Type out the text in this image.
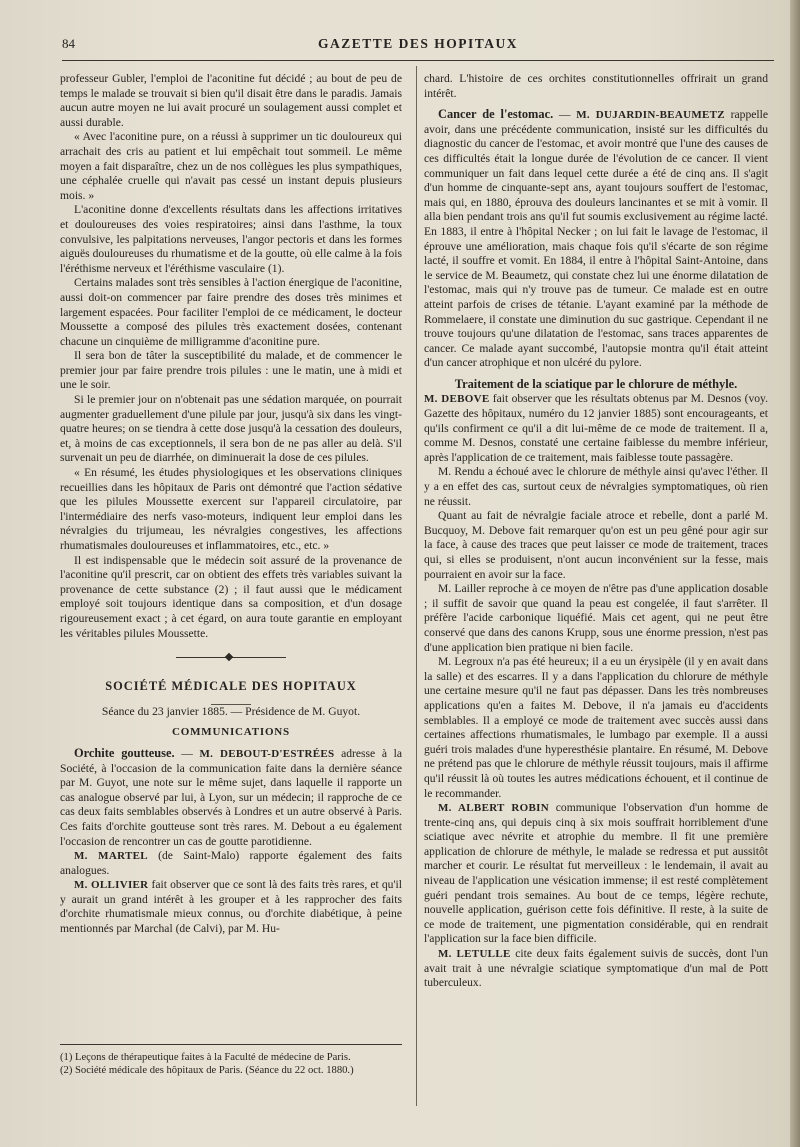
84	GAZETTE DES HOPITAUX

professeur Gubler, l'emploi de l'aconitine fut décidé ; au bout de peu de temps le malade se trouvait si bien qu'il disait être dans le paradis. Jamais aucun autre moyen ne lui avait procuré un soulagement aussi complet et aussi durable.

« Avec l'aconitine pure, on a réussi à supprimer un tic douloureux qui arrachait des cris au patient et lui empêchait tout sommeil. Le même moyen a fait disparaître, chez un de nos collègues les plus sympathiques, une céphalée cruelle qui n'avait pas cessé un instant depuis plusieurs mois. »

L'aconitine donne d'excellents résultats dans les affections irritatives et douloureuses des voies respiratoires; ainsi dans l'asthme, la toux convulsive, les palpitations nerveuses, l'angor pectoris et dans les formes aiguës douloureuses du rhumatisme et de la goutte, où elle calme à la fois l'éréthisme nerveux et l'éréthisme vasculaire (1).

Certains malades sont très sensibles à l'action énergique de l'aconitine, aussi doit-on commencer par faire prendre des doses très minimes et largement espacées. Pour faciliter l'emploi de ce médicament, le docteur Moussette a composé des pilules très exactement dosées, contenant chacune un cinquième de milligramme d'aconitine pure.

Il sera bon de tâter la susceptibilité du malade, et de commencer le premier jour par faire prendre trois pilules : une le matin, une à midi et une le soir.

Si le premier jour on n'obtenait pas une sédation marquée, on pourrait augmenter graduellement d'une pilule par jour, jusqu'à six dans les vingt-quatre heures; on se tiendra à cette dose jusqu'à la cessation des douleurs, et, à moins de cas exceptionnels, il sera bon de ne pas aller au delà. S'il survenait un peu de diarrhée, on diminuerait la dose de ces pilules.

« En résumé, les études physiologiques et les observations cliniques recueillies dans les hôpitaux de Paris ont démontré que l'action sédative que les pilules Moussette exercent sur l'appareil circulatoire, par l'intermédiaire des nerfs vaso-moteurs, indiquent leur emploi dans les névralgies du trijumeau, les névralgies congestives, les affections rhumatismales douloureuses et inflammatoires, etc., etc. »

Il est indispensable que le médecin soit assuré de la provenance de l'aconitine qu'il prescrit, car on obtient des effets très variables suivant la provenance de cette substance (2) ; il faut aussi que le médicament employé soit toujours identique dans sa composition, et d'un dosage rigoureusement exact ; à cet égard, on aura toute garantie en employant les véritables pilules Moussette.

SOCIÉTÉ MÉDICALE DES HOPITAUX

Séance du 23 janvier 1885. — Présidence de M. Guyot.

COMMUNICATIONS

Orchite goutteuse. — M. DEBOUT-D'ESTRÉES adresse à la Société, à l'occasion de la communication faite dans la dernière séance par M. Guyot, une note sur le même sujet, dans laquelle il rapporte un cas analogue observé par lui, à Lyon, sur un médecin; il rapproche de ce cas deux faits semblables observés à Londres et un autre observé à Paris. Ces faits d'orchite goutteuse sont très rares. M. Debout a eu également l'occasion de rencontrer un cas de goutte parotidienne.

M. MARTEL (de Saint-Malo) rapporte également des faits analogues.

M. OLLIVIER fait observer que ce sont là des faits très rares, et qu'il y aurait un grand intérêt à les grouper et à les rapprocher des faits d'orchite rhumatismale mieux connus, ou d'orchite diabétique, à peine mentionnés par Marchal (de Calvi), par M. Hu-

(1) Leçons de thérapeutique faites à la Faculté de médecine de Paris.

(2) Société médicale des hôpitaux de Paris. (Séance du 22 oct. 1880.)

chard. L'histoire de ces orchites constitutionnelles offrirait un grand intérêt.

Cancer de l'estomac. — M. DUJARDIN-BEAUMETZ rappelle avoir, dans une précédente communication, insisté sur les difficultés du diagnostic du cancer de l'estomac, et avoir montré que l'une des causes de ces difficultés était la longue durée de l'évolution de ce cancer. Il vient communiquer un fait dans lequel cette durée a été de cinq ans. Il s'agit d'un homme de cinquante-sept ans, ayant toujours souffert de l'estomac, mais qui, en 1880, éprouva des douleurs lancinantes et se mit à vomir. Il alla bien pendant trois ans qu'il fut soumis exclusivement au régime lacté. En 1883, il entre à l'hôpital Necker ; on lui fait le lavage de l'estomac, il éprouve une amélioration, mais chaque fois qu'il s'écarte de son régime lacté, il souffre et vomit. En 1884, il entre à l'hôpital Saint-Antoine, dans le service de M. Beaumetz, qui constate chez lui une énorme dilatation de l'estomac, mais qui n'y trouve pas de tumeur. Ce malade est en outre atteint parfois de crises de tétanie. L'ayant examiné par la méthode de Rommelaere, il constate une diminution du suc gastrique. Cependant il ne trouve toujours qu'une dilatation de l'estomac, sans traces apparentes de cancer. Ce malade ayant succombé, l'autopsie montra qu'il était atteint d'un cancer atrophique et non ulcéré du pylore.

Traitement de la sciatique par le chlorure de méthyle.

M. DEBOVE fait observer que les résultats obtenus par M. Desnos (voy. Gazette des hôpitaux, numéro du 12 janvier 1885) sont encourageants, et qu'ils confirment ce qu'il a dit lui-même de ce mode de traitement. Il a, comme M. Desnos, constaté une certaine faiblesse du membre inférieur, après l'application de ce traitement, mais faiblesse toute passagère.

M. Rendu a échoué avec le chlorure de méthyle ainsi qu'avec l'éther. Il y a en effet des cas, surtout ceux de névralgies symptomatiques, où rien ne réussit.

Quant au fait de névralgie faciale atroce et rebelle, dont a parlé M. Bucquoy, M. Debove fait remarquer qu'on est un peu gêné pour agir sur la face, à cause des traces que peut laisser ce mode de traitement, traces qui, si elles se produisent, n'ont aucun inconvénient sur la fesse, mais pourraient en avoir sur la face.

M. Lailler reproche à ce moyen de n'être pas d'une application dosable ; il suffit de savoir que quand la peau est congelée, il faut s'arrêter. Il préfère l'acide carbonique liquéfié. Mais cet agent, qui ne peut être conservé que dans des canons Krupp, sous une énorme pression, n'est pas d'une application bien pratique ni bien facile.

M. Legroux n'a pas été heureux; il a eu un érysipèle (il y en avait dans la salle) et des escarres. Il y a dans l'application du chlorure de méthyle une certaine mesure qu'il ne faut pas dépasser. Dans les très nombreuses applications qu'en a faites M. Debove, il n'a jamais eu d'accidents semblables. Il a employé ce mode de traitement avec succès aussi dans certaines affections rhumatismales, le lumbago par exemple. Il a aussi guéri trois malades d'une hyperesthésie plantaire. En résumé, M. Debove ne prétend pas que le chlorure de méthyle réussit toujours, mais il affirme qu'il réussit là où toutes les autres médications échouent, et il continue de le recommander.

M. ALBERT ROBIN communique l'observation d'un homme de trente-cinq ans, qui depuis cinq à six mois souffrait horriblement d'une sciatique avec névrite et atrophie du membre. Il fit une première application de chlorure de méthyle, le malade se redressa et put aussitôt marcher et courir. Le résultat fut merveilleux : le lendemain, il avait au niveau de l'application une vésication immense; il est resté complètement guéri pendant trois semaines. Au bout de ce temps, légère rechute, nouvelle application, guérison cette fois définitive. Il reste, à la suite de ce mode de traitement, une pigmentation considérable, qui en rendrait l'application sur la face bien difficile.

M. LETULLE cite deux faits également suivis de succès, dont l'un avait trait à une névralgie sciatique symptomatique d'un mal de Pott tuberculeux.
